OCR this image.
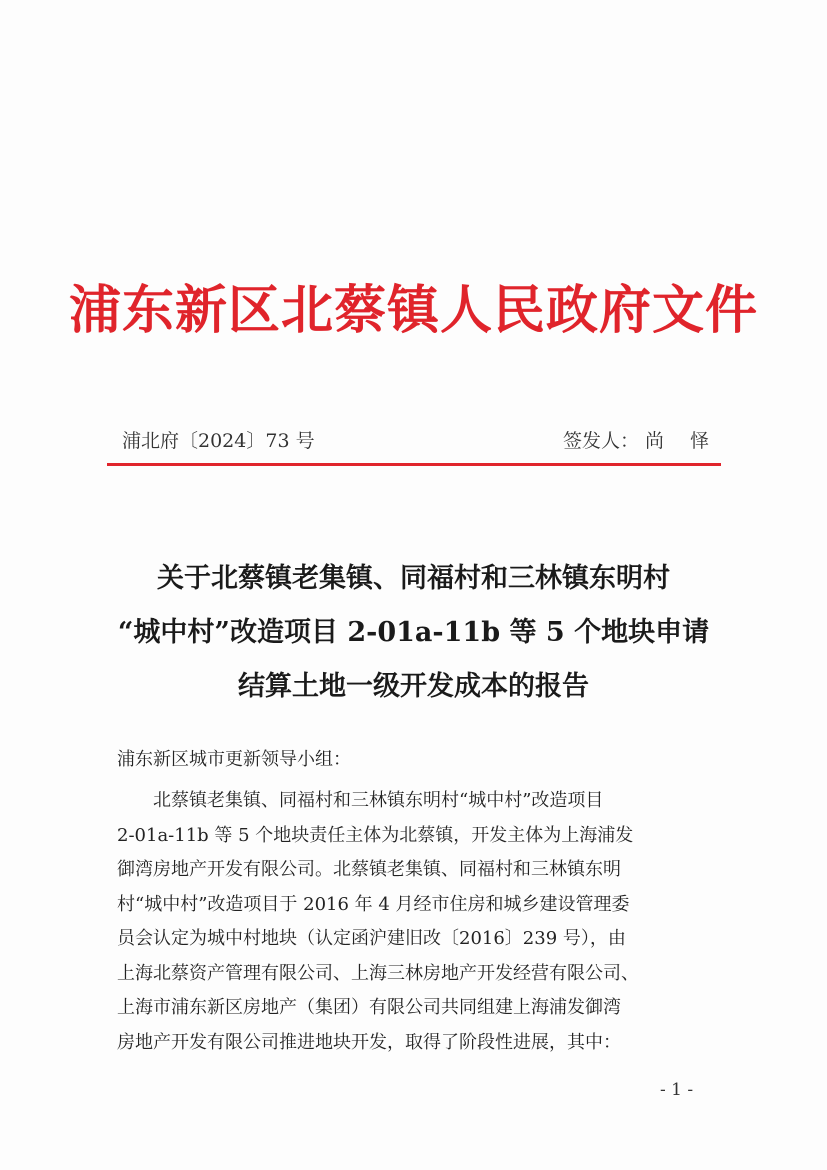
浦东新区北蔡镇人民政府文件
浦北府〔2024〕73 号	签发人： 尚 怿
关于北蔡镇老集镇、同福村和三林镇东明村
“城中村”改造项目 2-01a-11b 等 5 个地块申请
结算土地一级开发成本的报告
浦东新区城市更新领导小组：
北蔡镇老集镇、同福村和三林镇东明村“城中村”改造项目
2-01a-11b 等 5 个地块责任主体为北蔡镇，开发主体为上海浦发
御湾房地产开发有限公司。北蔡镇老集镇、同福村和三林镇东明
村“城中村”改造项目于 2016 年 4 月经市住房和城乡建设管理委
员会认定为城中村地块（认定函沪建旧改〔2016〕239 号），由
上海北蔡资产管理有限公司、上海三林房地产开发经营有限公司、
上海市浦东新区房地产（集团）有限公司共同组建上海浦发御湾
房地产开发有限公司推进地块开发，取得了阶段性进展，其中：
- 1 -
